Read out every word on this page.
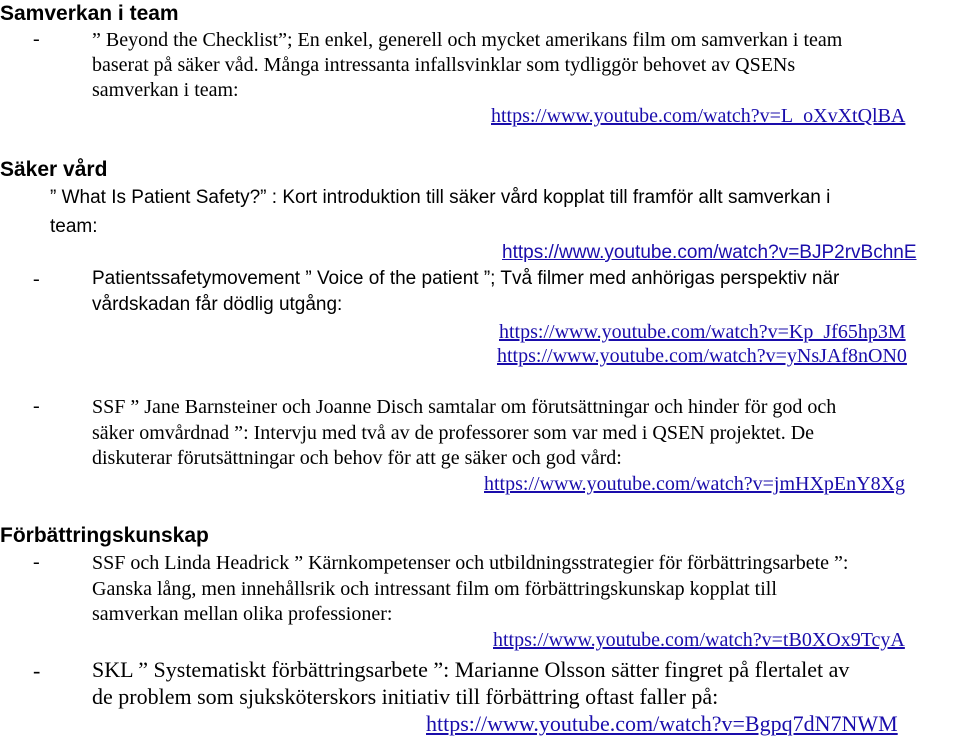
Samverkan i team
-	” Beyond the Checklist”; En enkel, generell och mycket amerikans film om samverkan i team
baserat på säker våd. Många intressanta infallsvinklar som tydliggör behovet av QSENs
samverkan i team:
https://www.youtube.com/watch?v=L_oXvXtQlBA
Säker vård
” What Is Patient Safety?” : Kort introduktion till säker vård kopplat till framför allt samverkan i
team:
https://www.youtube.com/watch?v=BJP2rvBchnE
-	Patientssafetymovement ” Voice of the patient ”; Två filmer med anhörigas perspektiv när
vårdskadan får dödlig utgång:
https://www.youtube.com/watch?v=Kp_Jf65hp3M
https://www.youtube.com/watch?v=yNsJAf8nON0
-	SSF ” Jane Barnsteiner och Joanne Disch samtalar om förutsättningar och hinder för god och
säker omvårdnad ”: Intervju med två av de professorer som var med i QSEN projektet. De
diskuterar förutsättningar och behov för att ge säker och god vård:
https://www.youtube.com/watch?v=jmHXpEnY8Xg
Förbättringskunskap
-	SSF och Linda Headrick ” Kärnkompetenser och utbildningsstrategier för förbättringsarbete ”:
Ganska lång, men innehållsrik och intressant film om förbättringskunskap kopplat till
samverkan mellan olika professioner:
https://www.youtube.com/watch?v=tB0XOx9TcyA
- SKL ” Systematiskt förbättringsarbete ”: Marianne Olsson sätter fingret på flertalet av
de problem som sjuksköterskors initiativ till förbättring oftast faller på:
https://www.youtube.com/watch?v=Bgpq7dN7NWM
